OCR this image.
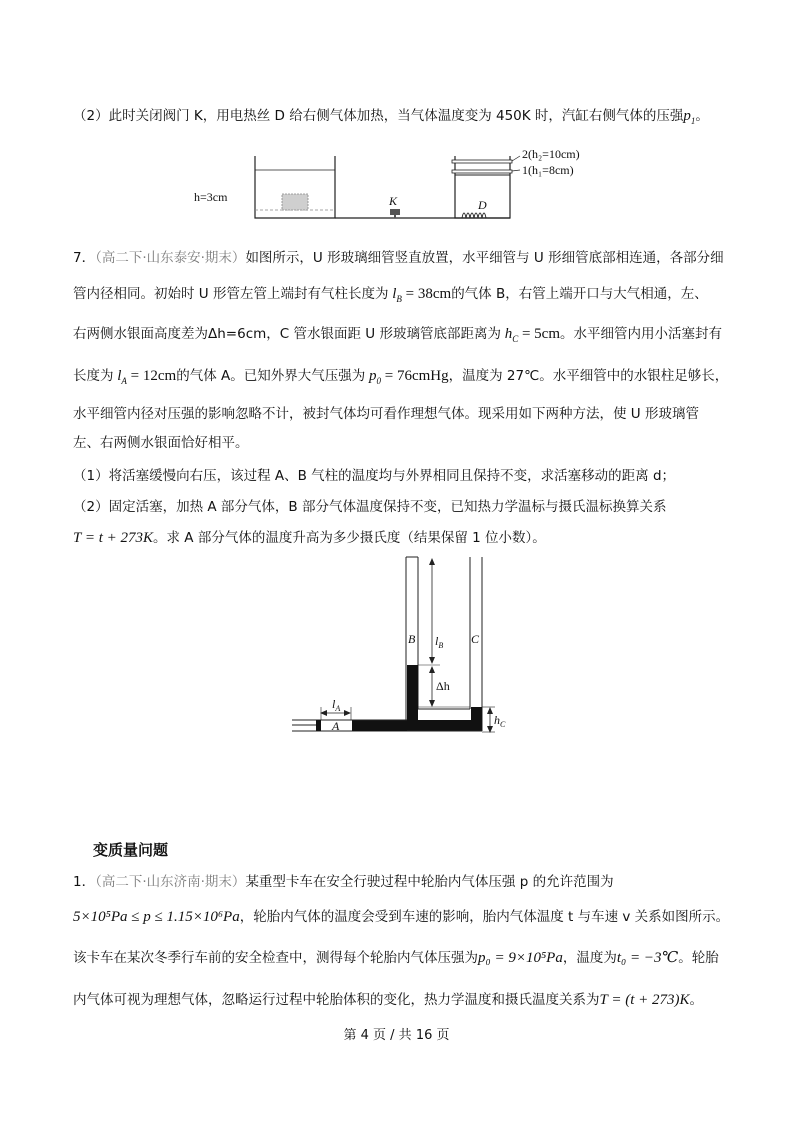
（2）此时关闭阀门 K，用电热丝 D 给右侧气体加热，当气体温度变为 450K 时，汽缸右侧气体的压强$p_1$。
h=3cm	K	D
2(h₂=10cm)
1(h₁=8cm)
7．（高二下·山东泰安·期末）如图所示，U 形玻璃细管竖直放置，水平细管与 U 形细管底部相连通，各部分细
管内径相同。初始时 U 形管左管上端封有气柱长度为 $l_B = 38cm$的气体 B，右管上端开口与大气相通，左、
右两侧水银面高度差为Δh=6cm，C 管水银面距 U 形玻璃管底部距离为 $h_C = 5cm$。水平细管内用小活塞封有
长度为 $l_A = 12cm$的气体 A。已知外界大气压强为 $p_0$ = 76cmHg，温度为 27℃。水平细管中的水银柱足够长，
水平细管内径对压强的影响忽略不计，被封气体均可看作理想气体。现采用如下两种方法，使 U 形玻璃管
左、右两侧水银面恰好相平。
（1）将活塞缓慢向右压，该过程 A、B 气柱的温度均与外界相同且保持不变，求活塞移动的距离 d；
（2）固定活塞，加热 A 部分气体，B 部分气体温度保持不变，已知热力学温标与摄氏温标换算关系
T = t + 273K。求 A 部分气体的温度升高为多少摄氏度（结果保留 1 位小数）。
B	C
A
$l_B$
Δh
$h_C$
$l_A$
变质量问题
1．（高二下·山东济南·期末）某重型卡车在安全行驶过程中轮胎内气体压强 p 的允许范围为
5×10⁵Pa ≤ p ≤ 1.15×10⁶Pa，轮胎内气体的温度会受到车速的影响，胎内气体温度 t 与车速 v 关系如图所示。
该卡车在某次冬季行车前的安全检查中，测得每个轮胎内气体压强为p₀ = 9×10⁵Pa，温度为t₀ = −3℃。轮胎
内气体可视为理想气体，忽略运行过程中轮胎体积的变化，热力学温度和摄氏温度关系为T = (t + 273)K。
第 4 页 / 共 16 页
